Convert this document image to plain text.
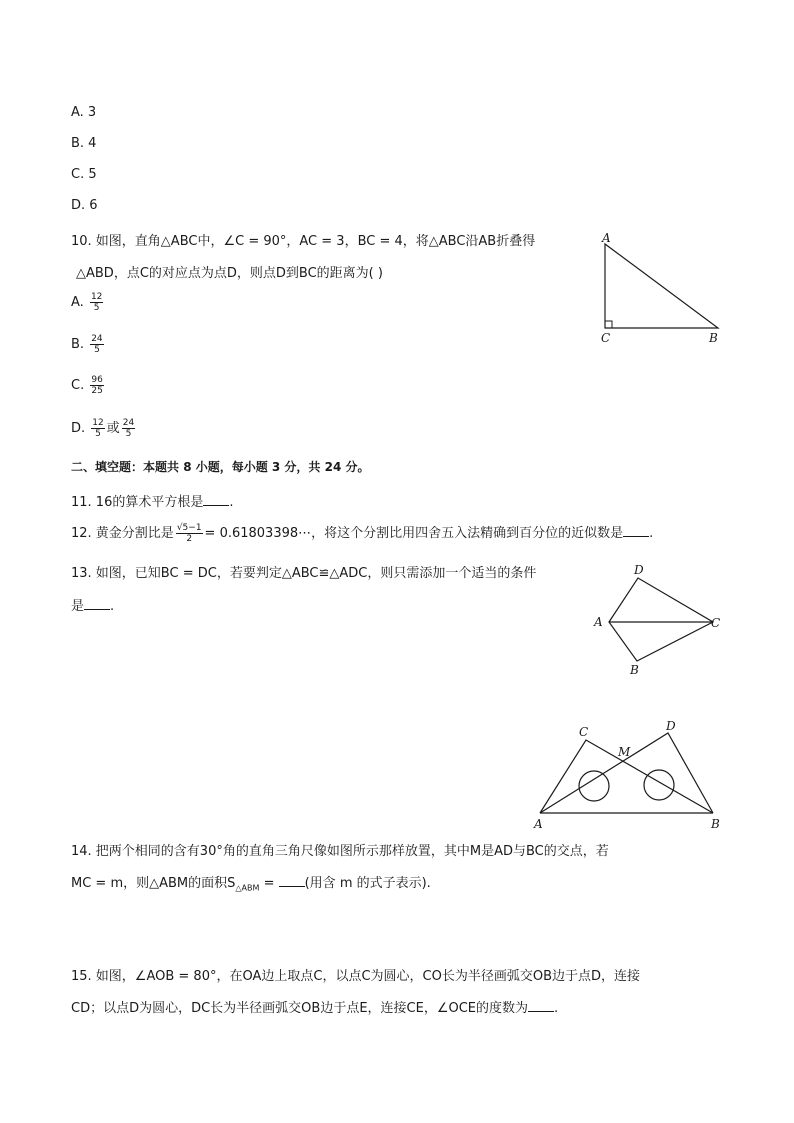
A. 3
B. 4
C. 5
D. 6
10. 如图，直角△ABC中，∠C = 90°，AC = 3，BC = 4，将△ABC沿AB折叠得
△ABD，点C的对应点为点D，则点D到BC的距离为( )
A. $\frac{12}{5}$
B. $\frac{24}{5}$
C. $\frac{96}{25}$
D. $\frac{12}{5}$ 或 $\frac{24}{5}$
A
C	B
二、填空题：本题共 8 小题，每小题 3 分，共 24 分。
11. 16的算术平方根是 .
12. 黄金分割比是 $\frac{√5-1}{2}$ = 0.61803398⋯，将这个分割比用四舍五入法精确到百分位的近似数是 .
13. 如图，已知BC = DC，若要判定△ABC≌△ADC，则只需添加一个适当的条件
是 .
D
A	C
B
C	D
M
A	B
14. 把两个相同的含有30°角的直角三角尺像如图所示那样放置，其中M是AD与BC的交点，若
MC = m，则△ABM的面积$S_{\triangle ABM}$ = (用含 m 的式子表示).
15. 如图，∠AOB = 80°，在OA边上取点C，以点C为圆心，CO长为半径画弧交OB边于点D，连接
CD；以点D为圆心，DC长为半径画弧交OB边于点E，连接CE，∠OCE的度数为 .
